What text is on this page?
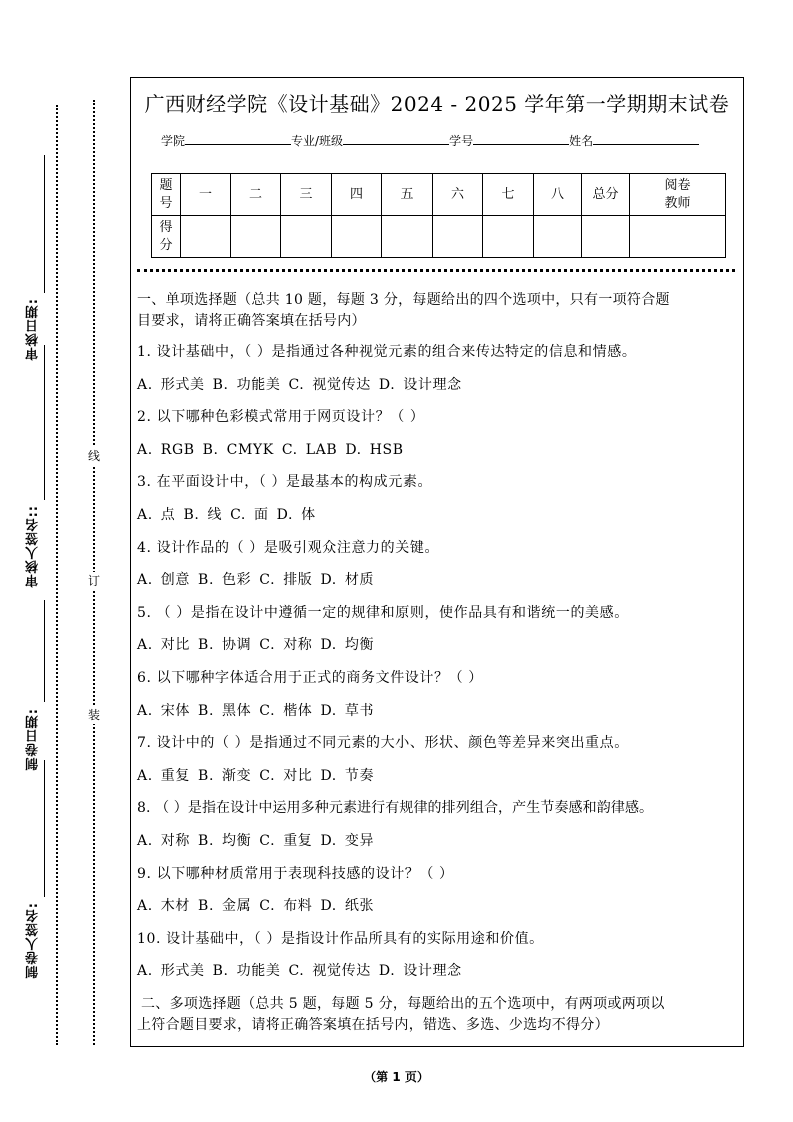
审核日期:
审核人签名::
制卷日期:
制卷人签名:
线
订
装
广西财经学院《设计基础》2024 - 2025 学年第一学期期末试卷
学院	专业/班级	学号	姓名
题号	一	二	三	四	五	六	七	八	总分	阅卷教师
得分										
一、单项选择题（总共 10 题，每题 3 分，每题给出的四个选项中，只有一项符合题
目要求，请将正确答案填在括号内）
1. 设计基础中，（ ）是指通过各种视觉元素的组合来传达特定的信息和情感。
A. 形式美 B. 功能美 C. 视觉传达 D. 设计理念
2. 以下哪种色彩模式常用于网页设计？（ ）
A. RGB B. CMYK C. LAB D. HSB
3. 在平面设计中，（ ）是最基本的构成元素。
A. 点 B. 线 C. 面 D. 体
4. 设计作品的（ ）是吸引观众注意力的关键。
A. 创意 B. 色彩 C. 排版 D. 材质
5. （ ）是指在设计中遵循一定的规律和原则，使作品具有和谐统一的美感。
A. 对比 B. 协调 C. 对称 D. 均衡
6. 以下哪种字体适合用于正式的商务文件设计？（ ）
A. 宋体 B. 黑体 C. 楷体 D. 草书
7. 设计中的（ ）是指通过不同元素的大小、形状、颜色等差异来突出重点。
A. 重复 B. 渐变 C. 对比 D. 节奏
8. （ ）是指在设计中运用多种元素进行有规律的排列组合，产生节奏感和韵律感。
A. 对称 B. 均衡 C. 重复 D. 变异
9. 以下哪种材质常用于表现科技感的设计？（ ）
A. 木材 B. 金属 C. 布料 D. 纸张
10. 设计基础中，（ ）是指设计作品所具有的实际用途和价值。
A. 形式美 B. 功能美 C. 视觉传达 D. 设计理念
二、多项选择题（总共 5 题，每题 5 分，每题给出的五个选项中，有两项或两项以
上符合题目要求，请将正确答案填在括号内，错选、多选、少选均不得分）
（第 1 页）
